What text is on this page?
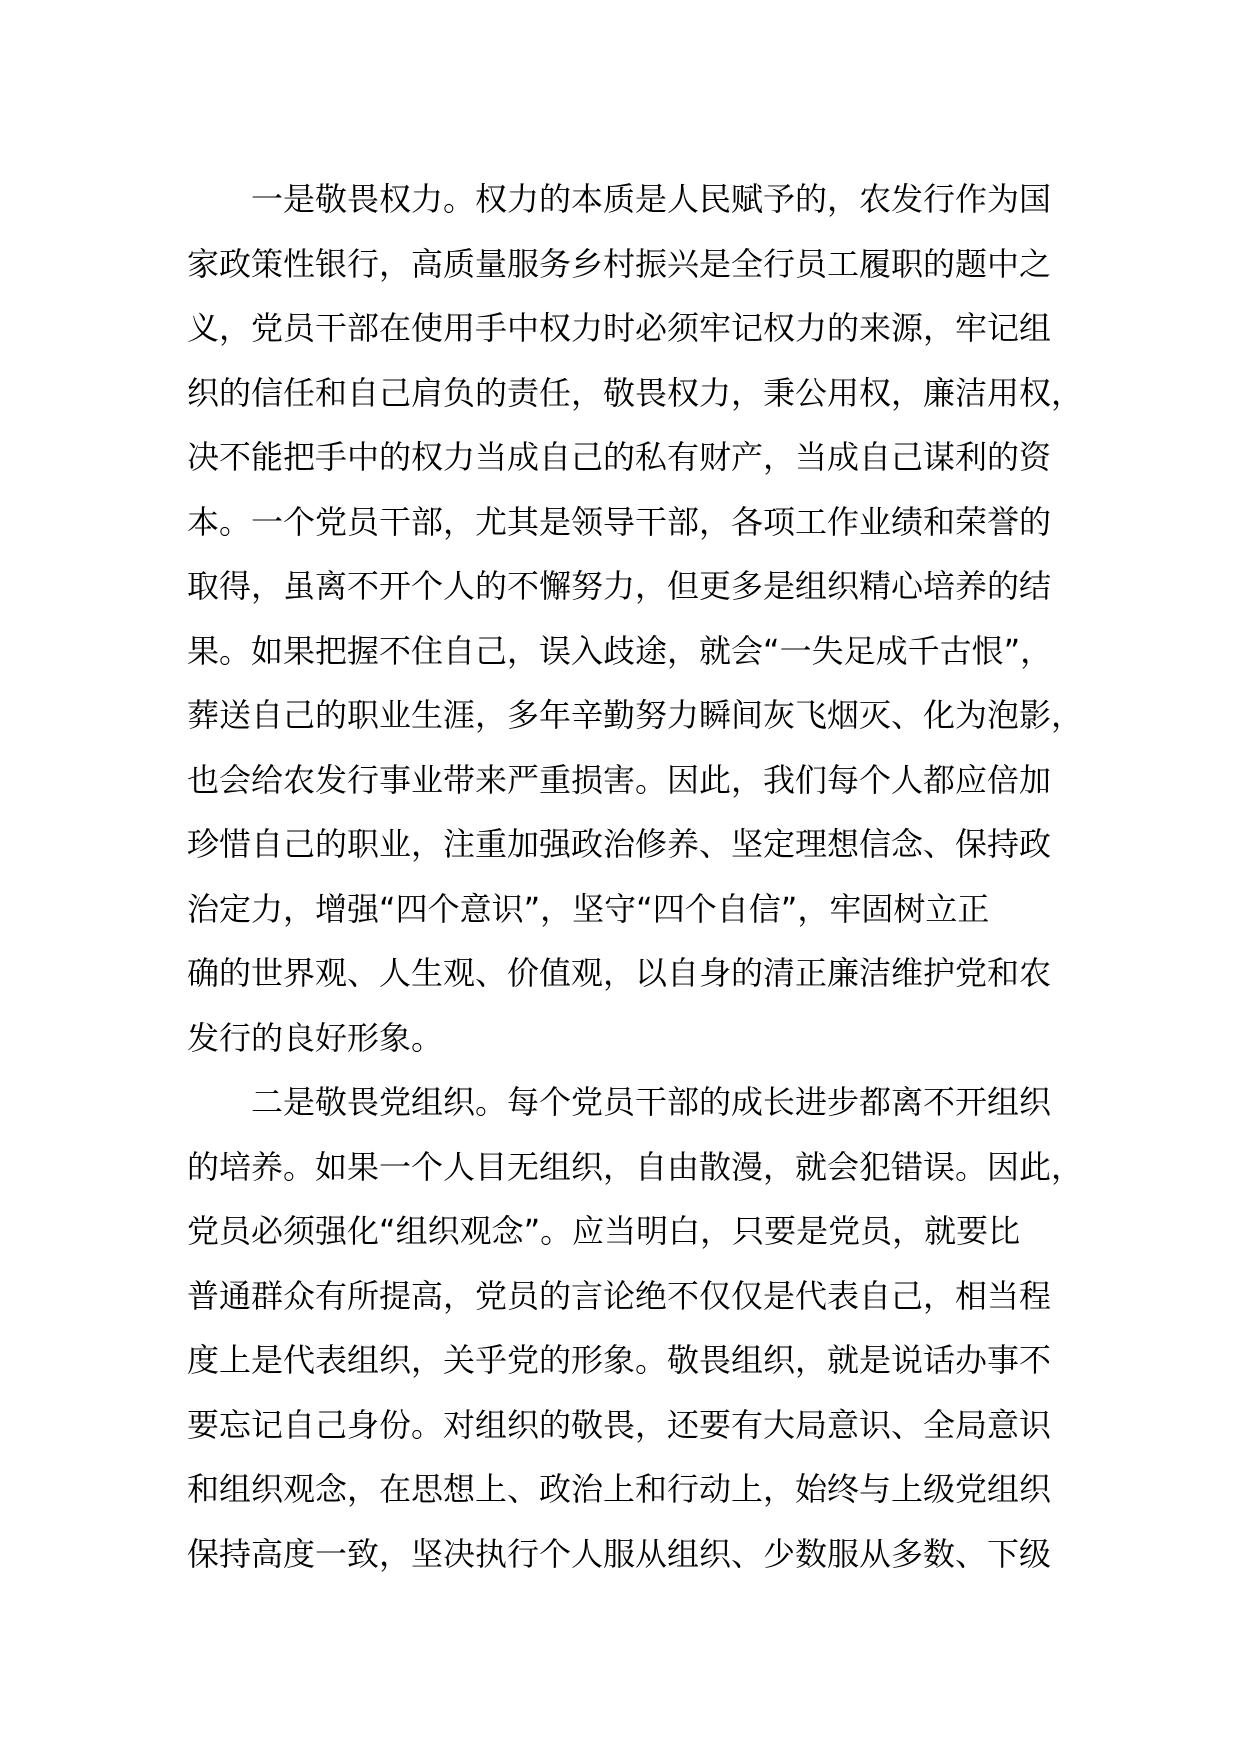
一是敬畏权力。权力的本质是人民赋予的，农发行作为国
家政策性银行，高质量服务乡村振兴是全行员工履职的题中之
义，党员干部在使用手中权力时必须牢记权力的来源，牢记组
织的信任和自己肩负的责任，敬畏权力，秉公用权，廉洁用权，
决不能把手中的权力当成自己的私有财产，当成自己谋利的资
本。一个党员干部，尤其是领导干部，各项工作业绩和荣誉的
取得，虽离不开个人的不懈努力，但更多是组织精心培养的结
果。如果把握不住自己，误入歧途，就会“一失足成千古恨”，
葬送自己的职业生涯，多年辛勤努力瞬间灰飞烟灭、化为泡影，
也会给农发行事业带来严重损害。因此，我们每个人都应倍加
珍惜自己的职业，注重加强政治修养、坚定理想信念、保持政
治定力，增强“四个意识”，坚守“四个自信”，牢固树立正
确的世界观、人生观、价值观，以自身的清正廉洁维护党和农
发行的良好形象。
二是敬畏党组织。每个党员干部的成长进步都离不开组织
的培养。如果一个人目无组织，自由散漫，就会犯错误。因此，
党员必须强化“组织观念”。应当明白，只要是党员，就要比
普通群众有所提高，党员的言论绝不仅仅是代表自己，相当程
度上是代表组织，关乎党的形象。敬畏组织，就是说话办事不
要忘记自己身份。对组织的敬畏，还要有大局意识、全局意识
和组织观念，在思想上、政治上和行动上，始终与上级党组织
保持高度一致，坚决执行个人服从组织、少数服从多数、下级
